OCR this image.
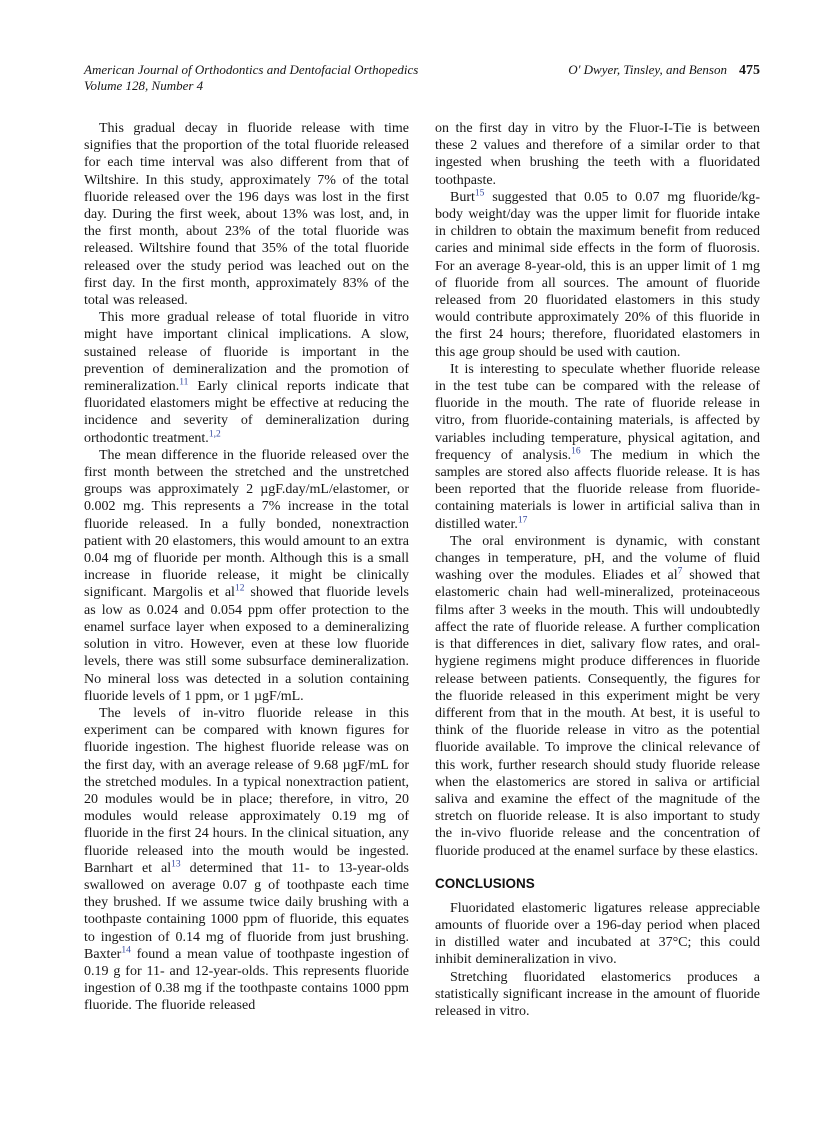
American Journal of Orthodontics and Dentofacial Orthopedics
Volume 128, Number 4
O' Dwyer, Tinsley, and Benson 475

This gradual decay in fluoride release with time signifies that the proportion of the total fluoride released for each time interval was also different from that of Wiltshire. In this study, approximately 7% of the total fluoride released over the 196 days was lost in the first day. During the first week, about 13% was lost, and, in the first month, about 23% of the total fluoride was released. Wiltshire found that 35% of the total fluoride released over the study period was leached out on the first day. In the first month, approximately 83% of the total was released.

This more gradual release of total fluoride in vitro might have important clinical implications. A slow, sustained release of fluoride is important in the prevention of demineralization and the promotion of remineralization.$^{11}$ Early clinical reports indicate that fluoridated elastomers might be effective at reducing the incidence and severity of demineralization during orthodontic treatment.$^{1,2}$

The mean difference in the fluoride released over the first month between the stretched and the unstretched groups was approximately 2 µgF.day/mL/elastomer, or 0.002 mg. This represents a 7% increase in the total fluoride released. In a fully bonded, nonextraction patient with 20 elastomers, this would amount to an extra 0.04 mg of fluoride per month. Although this is a small increase in fluoride release, it might be clinically significant. Margolis et al$^{12}$ showed that fluoride levels as low as 0.024 and 0.054 ppm offer protection to the enamel surface layer when exposed to a demineralizing solution in vitro. However, even at these low fluoride levels, there was still some subsurface demineralization. No mineral loss was detected in a solution containing fluoride levels of 1 ppm, or 1 µgF/mL.

The levels of in-vitro fluoride release in this experiment can be compared with known figures for fluoride ingestion. The highest fluoride release was on the first day, with an average release of 9.68 µgF/mL for the stretched modules. In a typical nonextraction patient, 20 modules would be in place; therefore, in vitro, 20 modules would release approximately 0.19 mg of fluoride in the first 24 hours. In the clinical situation, any fluoride released into the mouth would be ingested. Barnhart et al$^{13}$ determined that 11- to 13-year-olds swallowed on average 0.07 g of toothpaste each time they brushed. If we assume twice daily brushing with a toothpaste containing 1000 ppm of fluoride, this equates to ingestion of 0.14 mg of fluoride from just brushing. Baxter$^{14}$ found a mean value of toothpaste ingestion of 0.19 g for 11- and 12-year-olds. This represents fluoride ingestion of 0.38 mg if the toothpaste contains 1000 ppm fluoride. The fluoride released

on the first day in vitro by the Fluor-I-Tie is between these 2 values and therefore of a similar order to that ingested when brushing the teeth with a fluoridated toothpaste.

Burt$^{15}$ suggested that 0.05 to 0.07 mg fluoride/kg-body weight/day was the upper limit for fluoride intake in children to obtain the maximum benefit from reduced caries and minimal side effects in the form of fluorosis. For an average 8-year-old, this is an upper limit of 1 mg of fluoride from all sources. The amount of fluoride released from 20 fluoridated elastomers in this study would contribute approximately 20% of this fluoride in the first 24 hours; therefore, fluoridated elastomers in this age group should be used with caution.

It is interesting to speculate whether fluoride release in the test tube can be compared with the release of fluoride in the mouth. The rate of fluoride release in vitro, from fluoride-containing materials, is affected by variables including temperature, physical agitation, and frequency of analysis.$^{16}$ The medium in which the samples are stored also affects fluoride release. It is has been reported that the fluoride release from fluoride-containing materials is lower in artificial saliva than in distilled water.$^{17}$

The oral environment is dynamic, with constant changes in temperature, pH, and the volume of fluid washing over the modules. Eliades et al$^7$ showed that elastomeric chain had well-mineralized, proteinaceous films after 3 weeks in the mouth. This will undoubtedly affect the rate of fluoride release. A further complication is that differences in diet, salivary flow rates, and oral-hygiene regimens might produce differences in fluoride release between patients. Consequently, the figures for the fluoride released in this experiment might be very different from that in the mouth. At best, it is useful to think of the fluoride release in vitro as the potential fluoride available. To improve the clinical relevance of this work, further research should study fluoride release when the elastomerics are stored in saliva or artificial saliva and examine the effect of the magnitude of the stretch on fluoride release. It is also important to study the in-vivo fluoride release and the concentration of fluoride produced at the enamel surface by these elastics.

CONCLUSIONS

Fluoridated elastomeric ligatures release appreciable amounts of fluoride over a 196-day period when placed in distilled water and incubated at 37°C; this could inhibit demineralization in vivo.

Stretching fluoridated elastomerics produces a statistically significant increase in the amount of fluoride released in vitro.
